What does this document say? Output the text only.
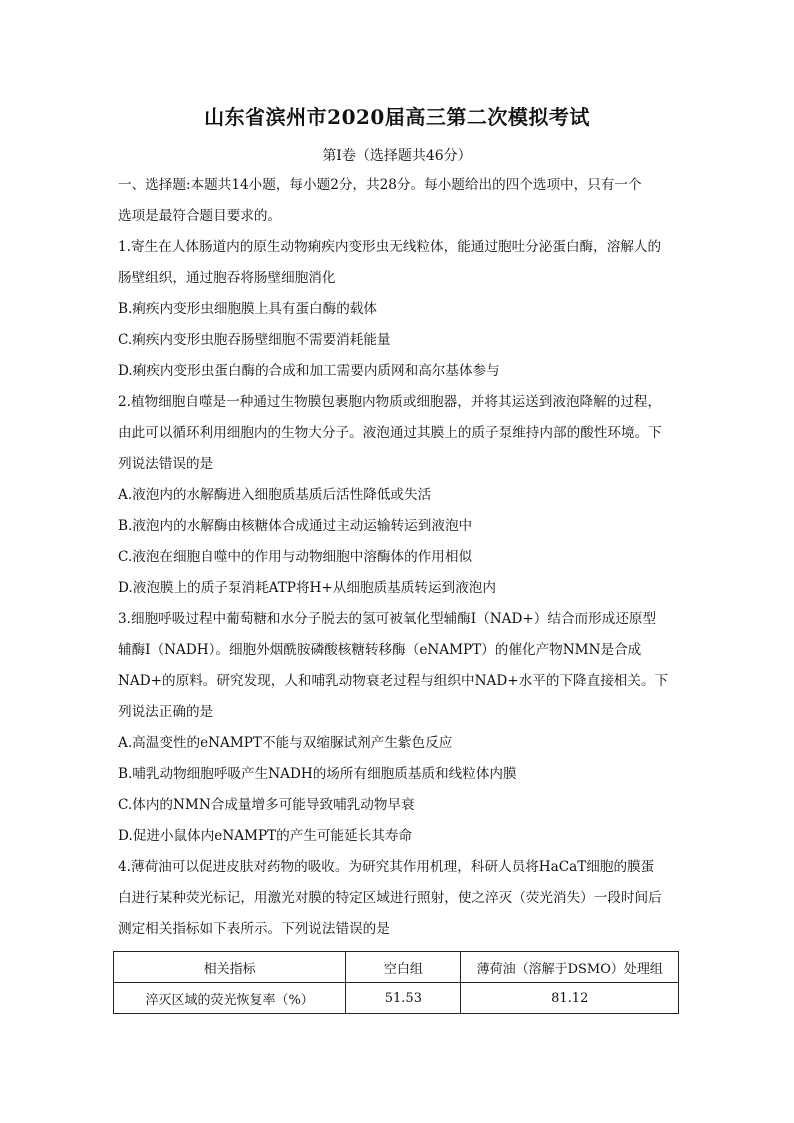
山东省滨州市2020届高三第二次模拟考试
第Ⅰ卷（选择题共46分）
一、选择题:本题共14小题，每小题2分，共28分。每小题给出的四个选项中，只有一个
选项是最符合题目要求的。
1.寄生在人体肠道内的原生动物痢疾内变形虫无线粒体，能通过胞吐分泌蛋白酶，溶解人的
肠壁组织，通过胞吞将肠壁细胞消化
B.痢疾内变形虫细胞膜上具有蛋白酶的载体
C.痢疾内变形虫胞吞肠壁细胞不需要消耗能量
D.痢疾内变形虫蛋白酶的合成和加工需要内质网和高尔基体参与
2.植物细胞自噬是一种通过生物膜包裹胞内物质或细胞器，并将其运送到液泡降解的过程，
由此可以循环利用细胞内的生物大分子。液泡通过其膜上的质子泵维持内部的酸性环境。下
列说法错误的是
A.液泡内的水解酶进入细胞质基质后活性降低或失活
B.液泡内的水解酶由核糖体合成通过主动运输转运到液泡中
C.液泡在细胞自噬中的作用与动物细胞中溶酶体的作用相似
D.液泡膜上的质子泵消耗ATP将H+从细胞质基质转运到液泡内
3.细胞呼吸过程中葡萄糖和水分子脱去的氢可被氧化型辅酶Ⅰ（NAD+）结合而形成还原型
辅酶Ⅰ（NADH）。细胞外烟酰胺磷酸核糖转移酶（eNAMPT）的催化产物NMN是合成
NAD+的原料。研究发现，人和哺乳动物衰老过程与组织中NAD+水平的下降直接相关。下
列说法正确的是
A.高温变性的eNAMPT不能与双缩脲试剂产生紫色反应
B.哺乳动物细胞呼吸产生NADH的场所有细胞质基质和线粒体内膜
C.体内的NMN合成量增多可能导致哺乳动物早衰
D.促进小鼠体内eNAMPT的产生可能延长其寿命
4.薄荷油可以促进皮肤对药物的吸收。为研究其作用机理，科研人员将HaCaT细胞的膜蛋
白进行某种荧光标记，用激光对膜的特定区域进行照射，使之淬灭（荧光消失）一段时间后
测定相关指标如下表所示。下列说法错误的是
相关指标	空白组	薄荷油（溶解于DSMO）处理组
淬灭区域的荧光恢复率（%）	51.53	81.12
